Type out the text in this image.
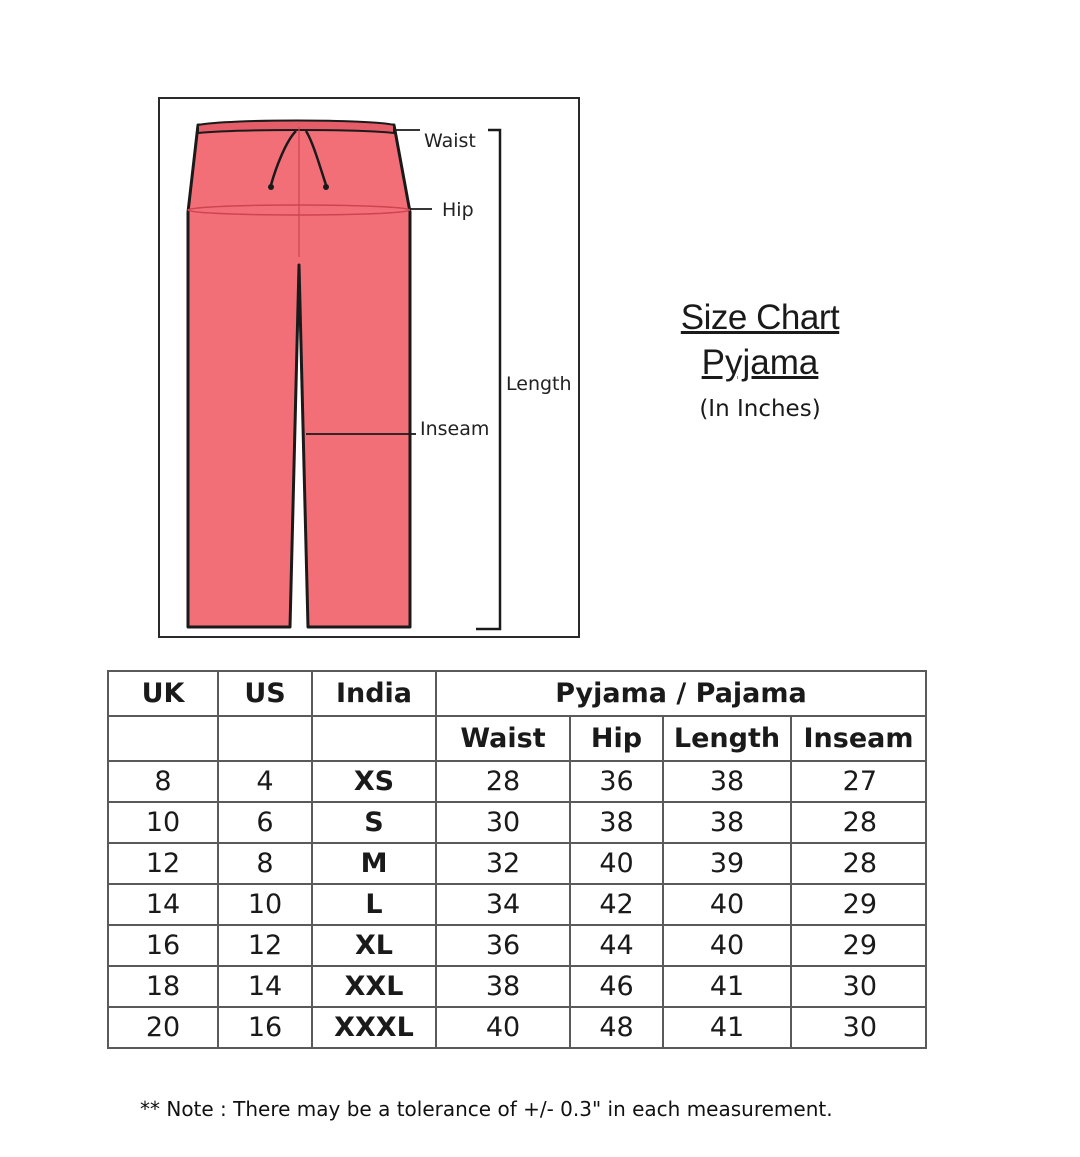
Waist
Hip
Length
Inseam
Size Chart
Pyjama
(In Inches)
UK	US	India	Pyjama / Pajama			
			Waist	Hip	Length	Inseam
8	4	XS	28	36	38	27
10	6	S	30	38	38	28
12	8	M	32	40	39	28
14	10	L	34	42	40	29
16	12	XL	36	44	40	29
18	14	XXL	38	46	41	30
20	16	XXXL	40	48	41	30
** Note : There may be a tolerance of +/- 0.3" in each measurement.
